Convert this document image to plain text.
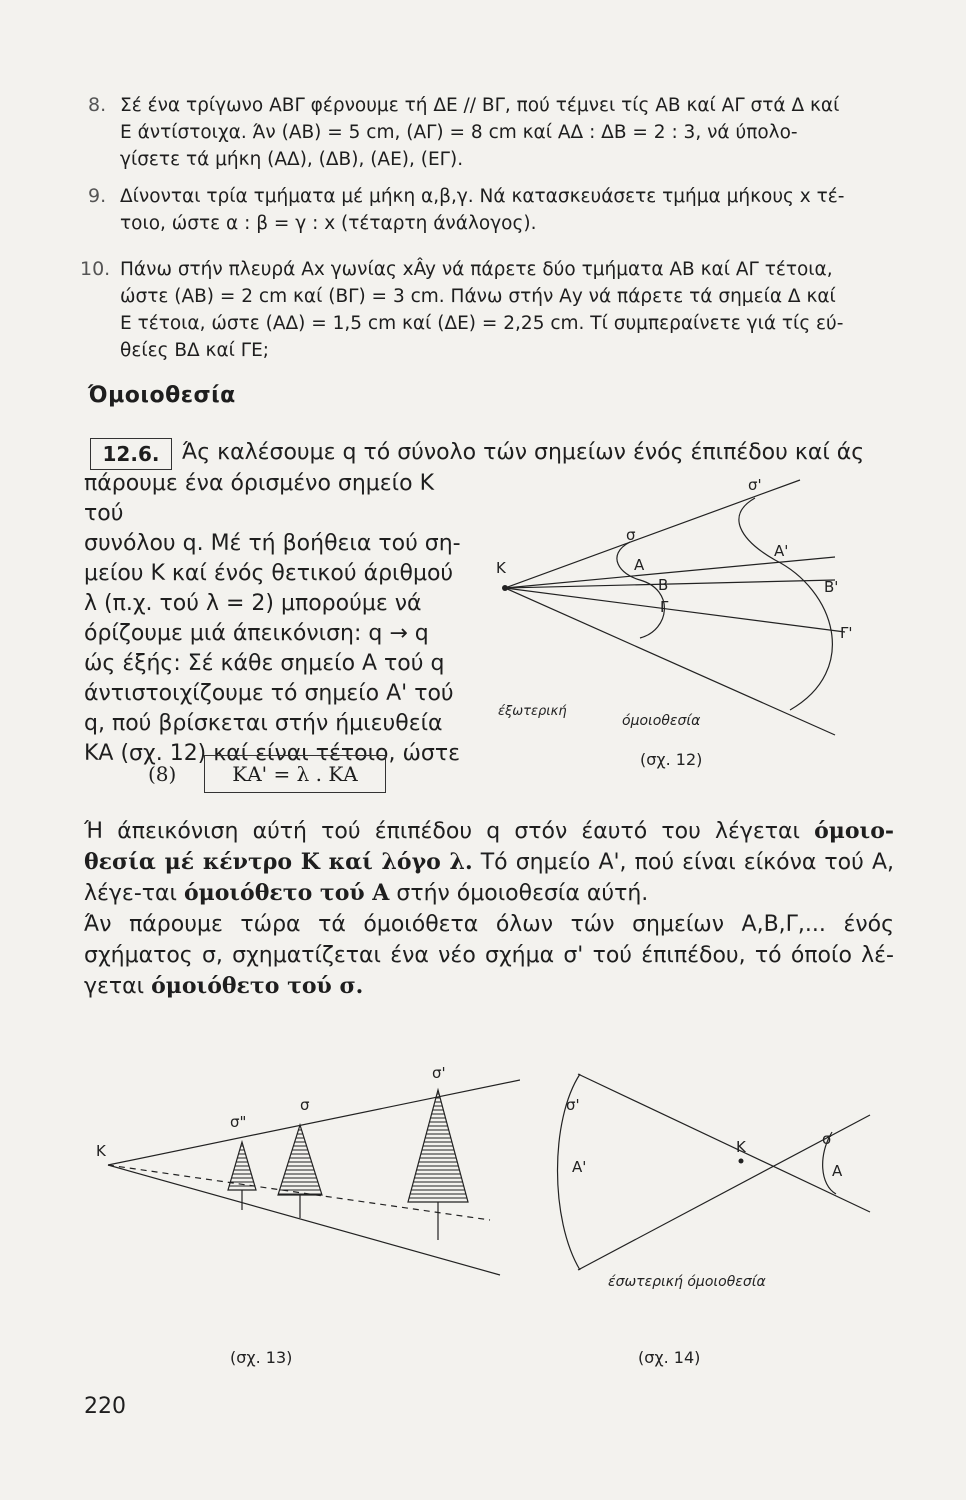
8. Σέ ένα τρίγωνο ΑΒΓ φέρνουμε τή ΔΕ // ΒΓ, πού τέμνει τίς ΑΒ καί ΑΓ στά Δ καί
Ε άντίστοιχα. Άν (ΑΒ) = 5 cm, (ΑΓ) = 8 cm καί ΑΔ : ΔΒ = 2 : 3, νά ύπολο-
γίσετε τά μήκη (ΑΔ), (ΔΒ), (ΑΕ), (ΕΓ).
9. Δίνονται τρία τμήματα μέ μήκη α,β,γ. Νά κατασκευάσετε τμήμα μήκους x τέ-
τοιο, ώστε α : β = γ : x (τέταρτη άνάλογος).
10. Πάνω στήν πλευρά Αx γωνίας xÂy νά πάρετε δύο τμήματα ΑΒ καί ΑΓ τέτοια,
ώστε (ΑΒ) = 2 cm καί (ΒΓ) = 3 cm. Πάνω στήν Αy νά πάρετε τά σημεία Δ καί
Ε τέτοια, ώστε (ΑΔ) = 1,5 cm καί (ΔΕ) = 2,25 cm. Τί συμπεραίνετε γιά τίς εύ-
θείες ΒΔ καί ΓΕ;
Όμοιοθεσία
12.6.	Άς καλέσουμε q τό σύνολο τών σημείων ένός έπιπέδου καί άς
πάρουμε ένα όρισμένο σημείο Κ τού
συνόλου q. Μέ τή βοήθεια τού ση-
μείου Κ καί ένός θετικού άριθμού
λ (π.χ. τού λ = 2) μπορούμε νά
όρίζουμε μιά άπεικόνιση: q → q
ώς έξής: Σέ κάθε σημείο Α τού q
άντιστοιχίζουμε τό σημείο Α' τού
q, πού βρίσκεται στήν ήμιευθεία
ΚΑ (σχ. 12) καί είναι τέτοιο, ώστε
(8)	ΚΑ' = λ . ΚΑ
Κ
σ
Α
Β
Γ
σ'
Α'
Β'
Γ'
έξωτερική
όμοιοθεσία
(σχ. 12)
Ή άπεικόνιση αύτή τού έπιπέδου q στόν έαυτό του λέγεται όμοιο-θεσία μέ κέντρο Κ καί λόγο λ. Τό σημείο Α', πού είναι είκόνα τού Α, λέγε-ται όμοιόθετο τού Α στήν όμοιοθεσία αύτή.
Άν πάρουμε τώρα τά όμοιόθετα όλων τών σημείων Α,Β,Γ,... ένός σχήματος σ, σχηματίζεται ένα νέο σχήμα σ' τού έπιπέδου, τό όποίο λέ-γεται όμοιόθετο τού σ.
Κ
σ"
σ
σ'
(σχ. 13)
σ'
Α'
Κ	σ
Α
έσωτερική όμοιοθεσία
(σχ. 14)
220
